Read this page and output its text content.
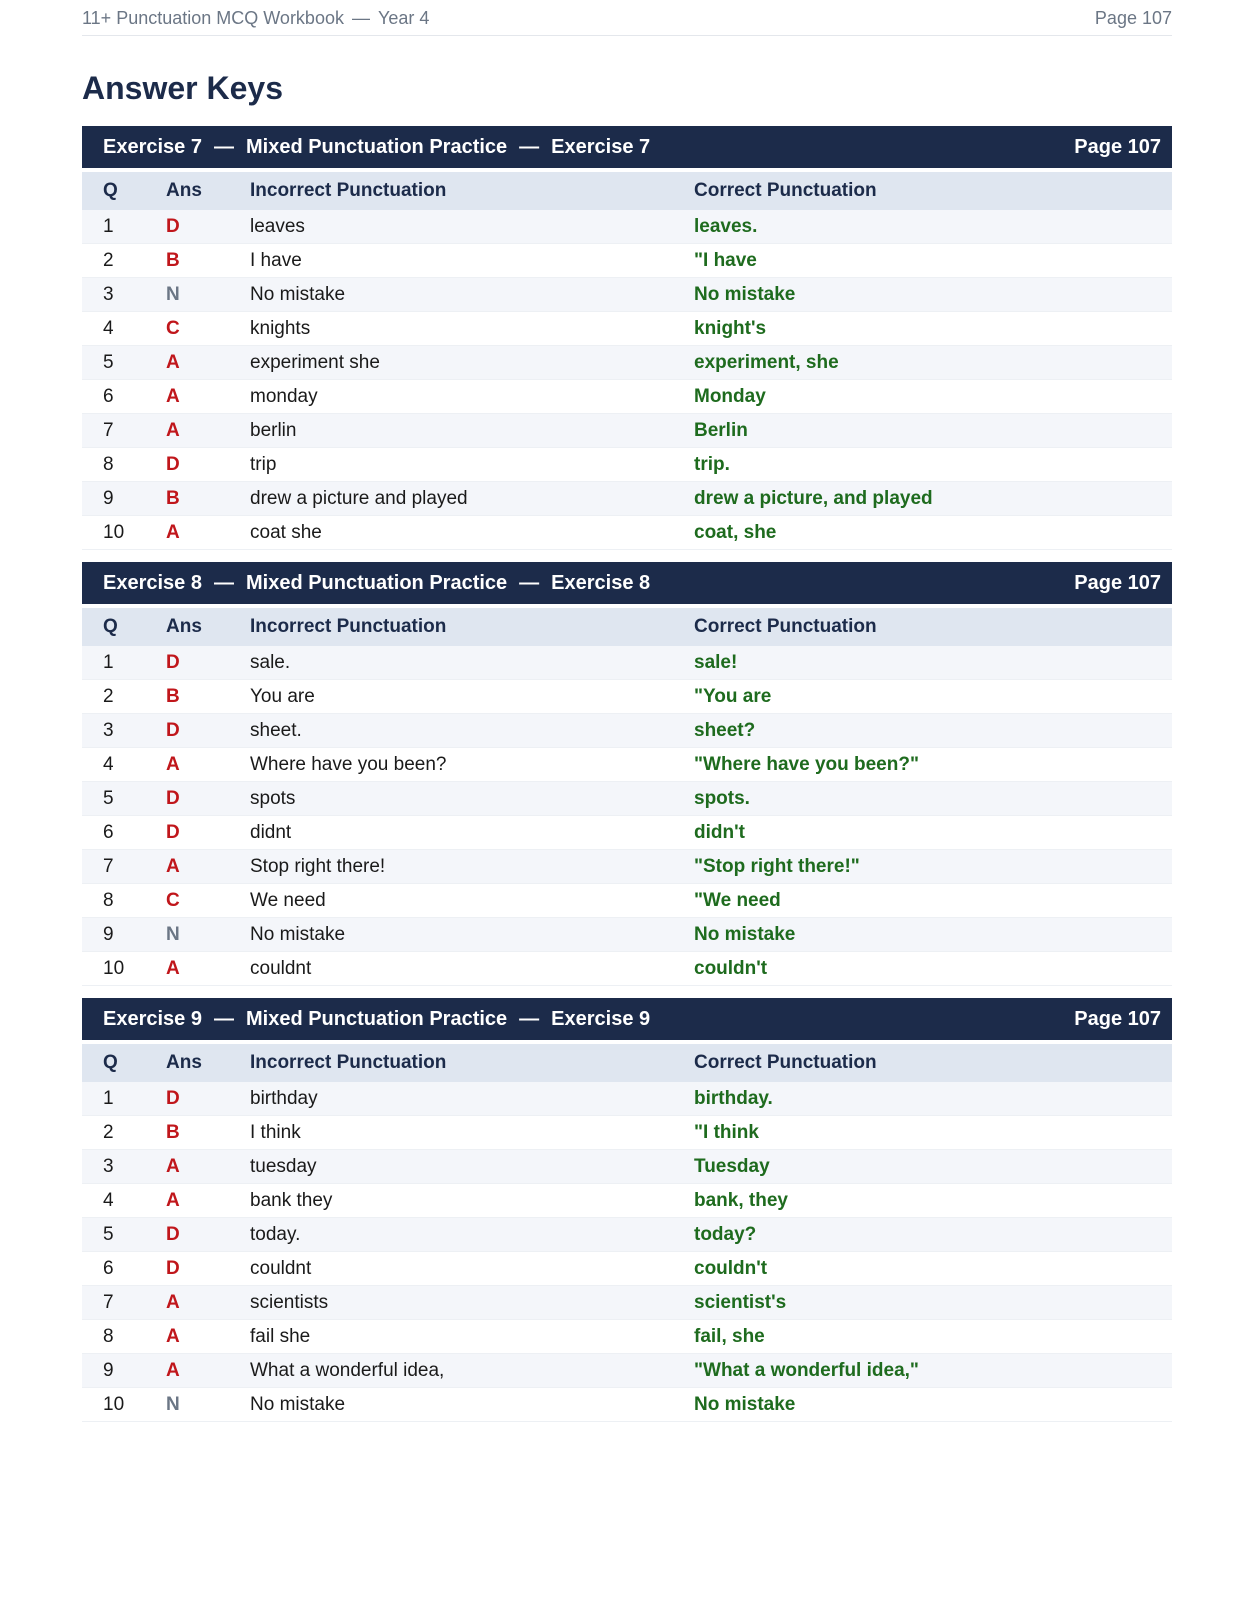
11+ Punctuation MCQ Workbook — Year 4	Page 107
Answer Keys
Exercise 7 — Mixed Punctuation Practice — Exercise 7	Page 107
Q	Ans	Incorrect Punctuation	Correct Punctuation
1	D	leaves	leaves.
2	B	I have	"I have
3	N	No mistake	No mistake
4	C	knights	knight's
5	A	experiment she	experiment, she
6	A	monday	Monday
7	A	berlin	Berlin
8	D	trip	trip.
9	B	drew a picture and played	drew a picture, and played
10	A	coat she	coat, she
Exercise 8 — Mixed Punctuation Practice — Exercise 8	Page 107
Q	Ans	Incorrect Punctuation	Correct Punctuation
1	D	sale.	sale!
2	B	You are	"You are
3	D	sheet.	sheet?
4	A	Where have you been?	"Where have you been?"
5	D	spots	spots.
6	D	didnt	didn't
7	A	Stop right there!	"Stop right there!"
8	C	We need	"We need
9	N	No mistake	No mistake
10	A	couldnt	couldn't
Exercise 9 — Mixed Punctuation Practice — Exercise 9	Page 107
Q	Ans	Incorrect Punctuation	Correct Punctuation
1	D	birthday	birthday.
2	B	I think	"I think
3	A	tuesday	Tuesday
4	A	bank they	bank, they
5	D	today.	today?
6	D	couldnt	couldn't
7	A	scientists	scientist's
8	A	fail she	fail, she
9	A	What a wonderful idea,	"What a wonderful idea,"
10	N	No mistake	No mistake
